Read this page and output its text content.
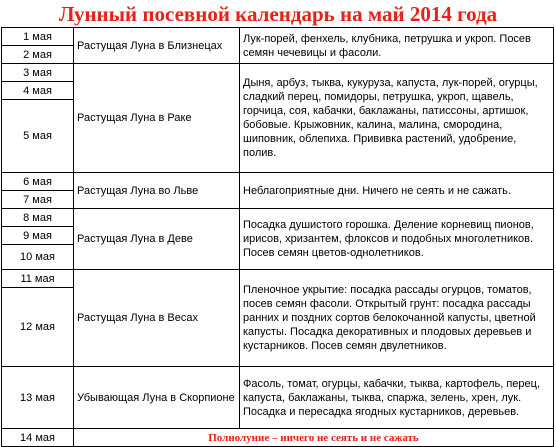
Лунный посевной календарь на май 2014 года
1 мая	Растущая Луна в Близнецах	Лук-порей, фенхель, клубника, петрушка и укроп. Посев семян чечевицы и фасоли.
2 мая		
3 мая	Растущая Луна в Раке	Дыня, арбуз, тыква, кукуруза, капуста, лук-порей, огурцы, сладкий перец, помидоры, петрушка, укроп, щавель, горчица, соя, кабачки, баклажаны, патиссоны, артишок, бобовые. Крыжовник, калина, малина, смородина, шиповник, облепиха. Прививка растений, удобрение, полив.
4 мая		
5 мая		
6 мая	Растущая Луна во Льве	Неблагоприятные дни. Ничего не сеять и не сажать.
7 мая		
8 мая	Растущая Луна в Деве	Посадка душистого горошка. Деление корневищ пионов, ирисов, хризантем, флоксов и подобных многолетников. Посев семян цветов-однолетников.
9 мая		
10 мая		
11 мая	Растущая Луна в Весах	Пленочное укрытие: посадка рассады огурцов, томатов, посев семян фасоли. Открытый грунт: посадка рассады ранних и поздних сортов белокочанной капусты, цветной капусты. Посадка декоративных и плодовых деревьев и кустарников. Посев семян двулетников.
12 мая		
13 мая	Убывающая Луна в Скорпионе	Фасоль, томат, огурцы, кабачки, тыква, картофель, перец, капуста, баклажаны, тыква, спаржа, зелень, хрен, лук. Посадка и пересадка ягодных кустарников, деревьев.
14 мая	Полнолуние – ничего не сеять и не сажать	
